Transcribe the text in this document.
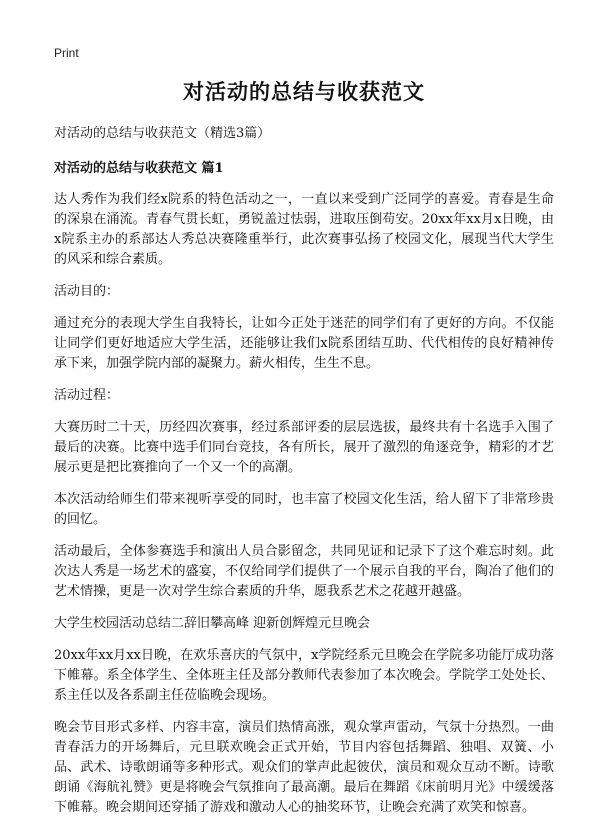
Print
对活动的总结与收获范文
对活动的总结与收获范文（精选3篇）
对活动的总结与收获范文 篇1

达人秀作为我们经x院系的特色活动之一，一直以来受到广泛同学的喜爱。青春是生命的深泉在涌流。青春气贯长虹，勇锐盖过怯弱，进取压倒苟安。20xx年xx月x日晚，由x院系主办的系部达人秀总决赛隆重举行，此次赛事弘扬了校园文化，展现当代大学生的风采和综合素质。

活动目的：

通过充分的表现大学生自我特长，让如今正处于迷茫的同学们有了更好的方向。不仅能让同学们更好地适应大学生活，还能够让我们x院系团结互助、代代相传的良好精神传承下来，加强学院内部的凝聚力。薪火相传，生生不息。

活动过程：

大赛历时二十天，历经四次赛事，经过系部评委的层层选拔，最终共有十名选手入围了最后的决赛。比赛中选手们同台竞技，各有所长，展开了激烈的角逐竞争，精彩的才艺展示更是把比赛推向了一个又一个的高潮。

本次活动给师生们带来视听享受的同时，也丰富了校园文化生活，给人留下了非常珍贵的回忆。

活动最后，全体参赛选手和演出人员合影留念，共同见证和记录下了这个难忘时刻。此次达人秀是一场艺术的盛宴，不仅给同学们提供了一个展示自我的平台，陶冶了他们的艺术情操，更是一次对学生综合素质的升华，愿我系艺术之花越开越盛。

大学生校园活动总结二辞旧攀高峰 迎新创辉煌元旦晚会

20xx年xx月xx日晚，在欢乐喜庆的气氛中，x学院经系元旦晚会在学院多功能厅成功落下帷幕。系全体学生、全体班主任及部分教师代表参加了本次晚会。学院学工处处长、系主任以及各系副主任莅临晚会现场。

晚会节目形式多样、内容丰富，演员们热情高涨，观众掌声雷动，气氛十分热烈。一曲青春活力的开场舞后，元旦联欢晚会正式开始，节目内容包括舞蹈、独唱、双簧、小品、武术、诗歌朗诵等多种形式。观众们的掌声此起彼伏，演员和观众互动不断。诗歌朗诵《海航礼赞》更是将晚会气氛推向了最高潮。最后在舞蹈《床前明月光》中缓缓落下帷幕。晚会期间还穿插了游戏和激动人心的抽奖环节，让晚会充满了欢笑和惊喜。
